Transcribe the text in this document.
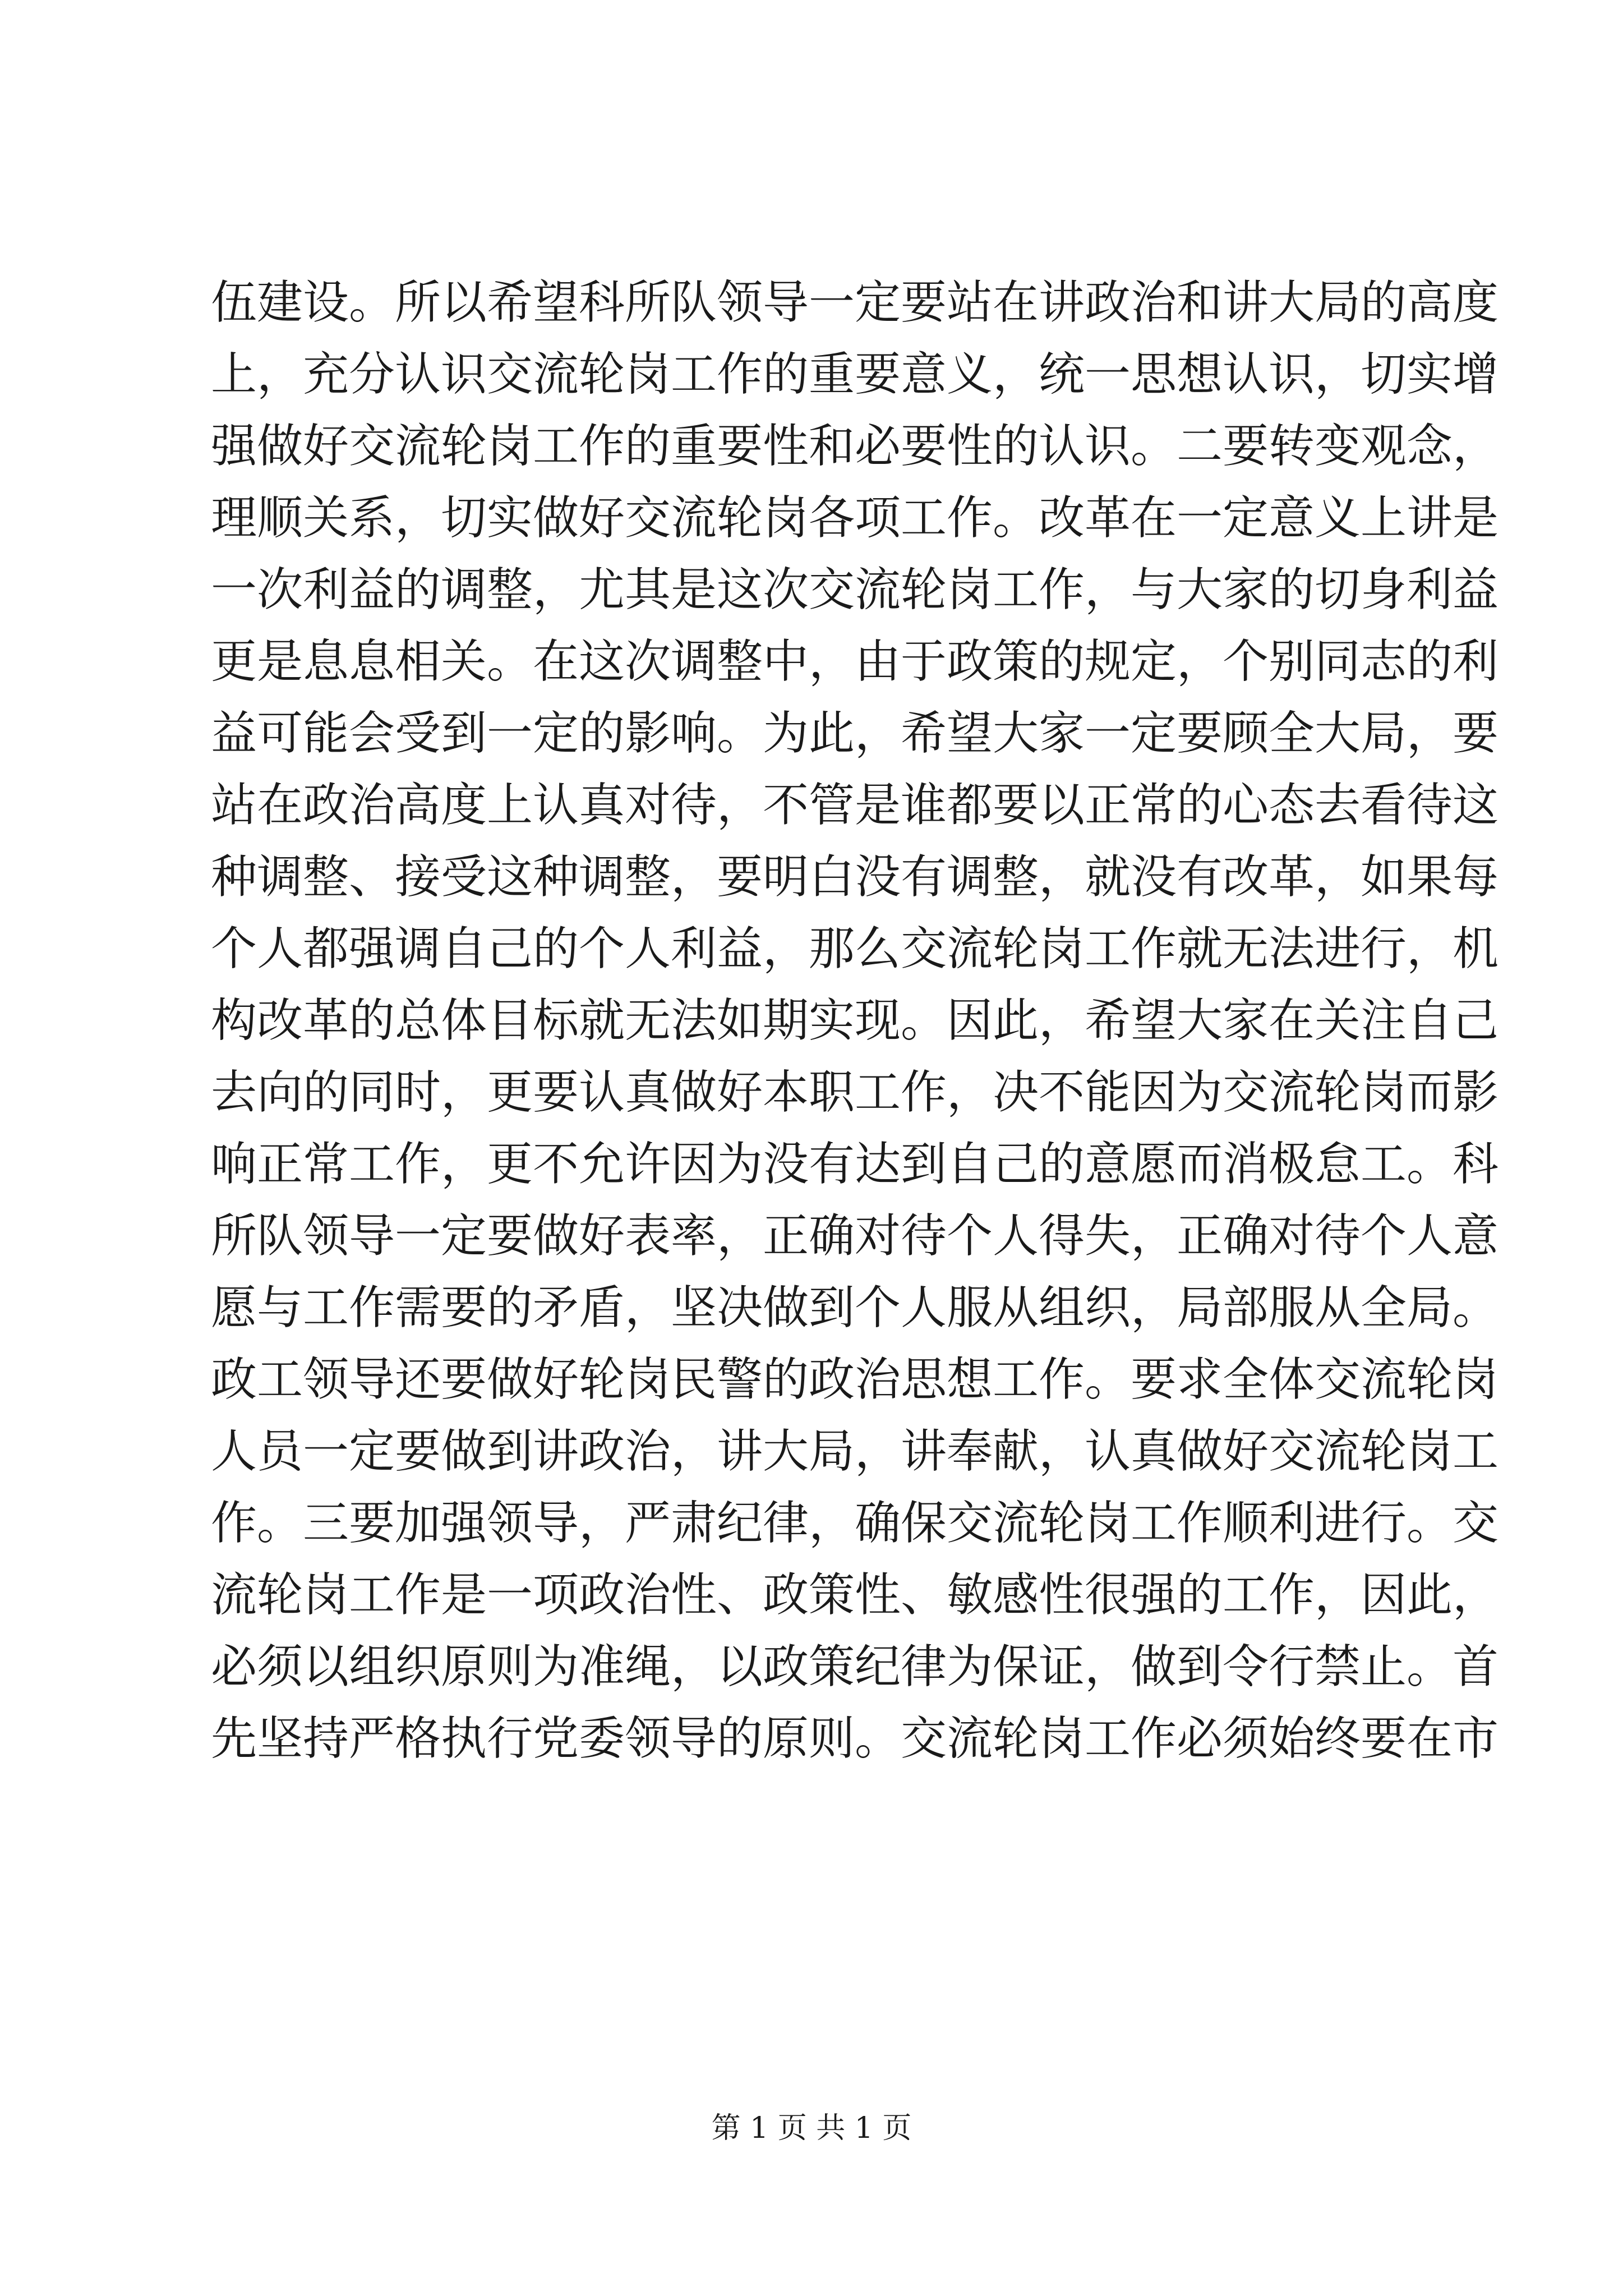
伍建设。所以希望科所队领导一定要站在讲政治和讲大局的高度
上，充分认识交流轮岗工作的重要意义，统一思想认识，切实增
强做好交流轮岗工作的重要性和必要性的认识。二要转变观念，
理顺关系，切实做好交流轮岗各项工作。改革在一定意义上讲是
一次利益的调整，尤其是这次交流轮岗工作，与大家的切身利益
更是息息相关。在这次调整中，由于政策的规定，个别同志的利
益可能会受到一定的影响。为此，希望大家一定要顾全大局，要
站在政治高度上认真对待，不管是谁都要以正常的心态去看待这
种调整、接受这种调整，要明白没有调整，就没有改革，如果每
个人都强调自己的个人利益，那么交流轮岗工作就无法进行，机
构改革的总体目标就无法如期实现。因此，希望大家在关注自己
去向的同时，更要认真做好本职工作，决不能因为交流轮岗而影
响正常工作，更不允许因为没有达到自己的意愿而消极怠工。科
所队领导一定要做好表率，正确对待个人得失，正确对待个人意
愿与工作需要的矛盾，坚决做到个人服从组织，局部服从全局。
政工领导还要做好轮岗民警的政治思想工作。要求全体交流轮岗
人员一定要做到讲政治，讲大局，讲奉献，认真做好交流轮岗工
作。三要加强领导，严肃纪律，确保交流轮岗工作顺利进行。交
流轮岗工作是一项政治性、政策性、敏感性很强的工作，因此，
必须以组织原则为准绳，以政策纪律为保证，做到令行禁止。首
先坚持严格执行党委领导的原则。交流轮岗工作必须始终要在市
第 1 页 共 1 页
